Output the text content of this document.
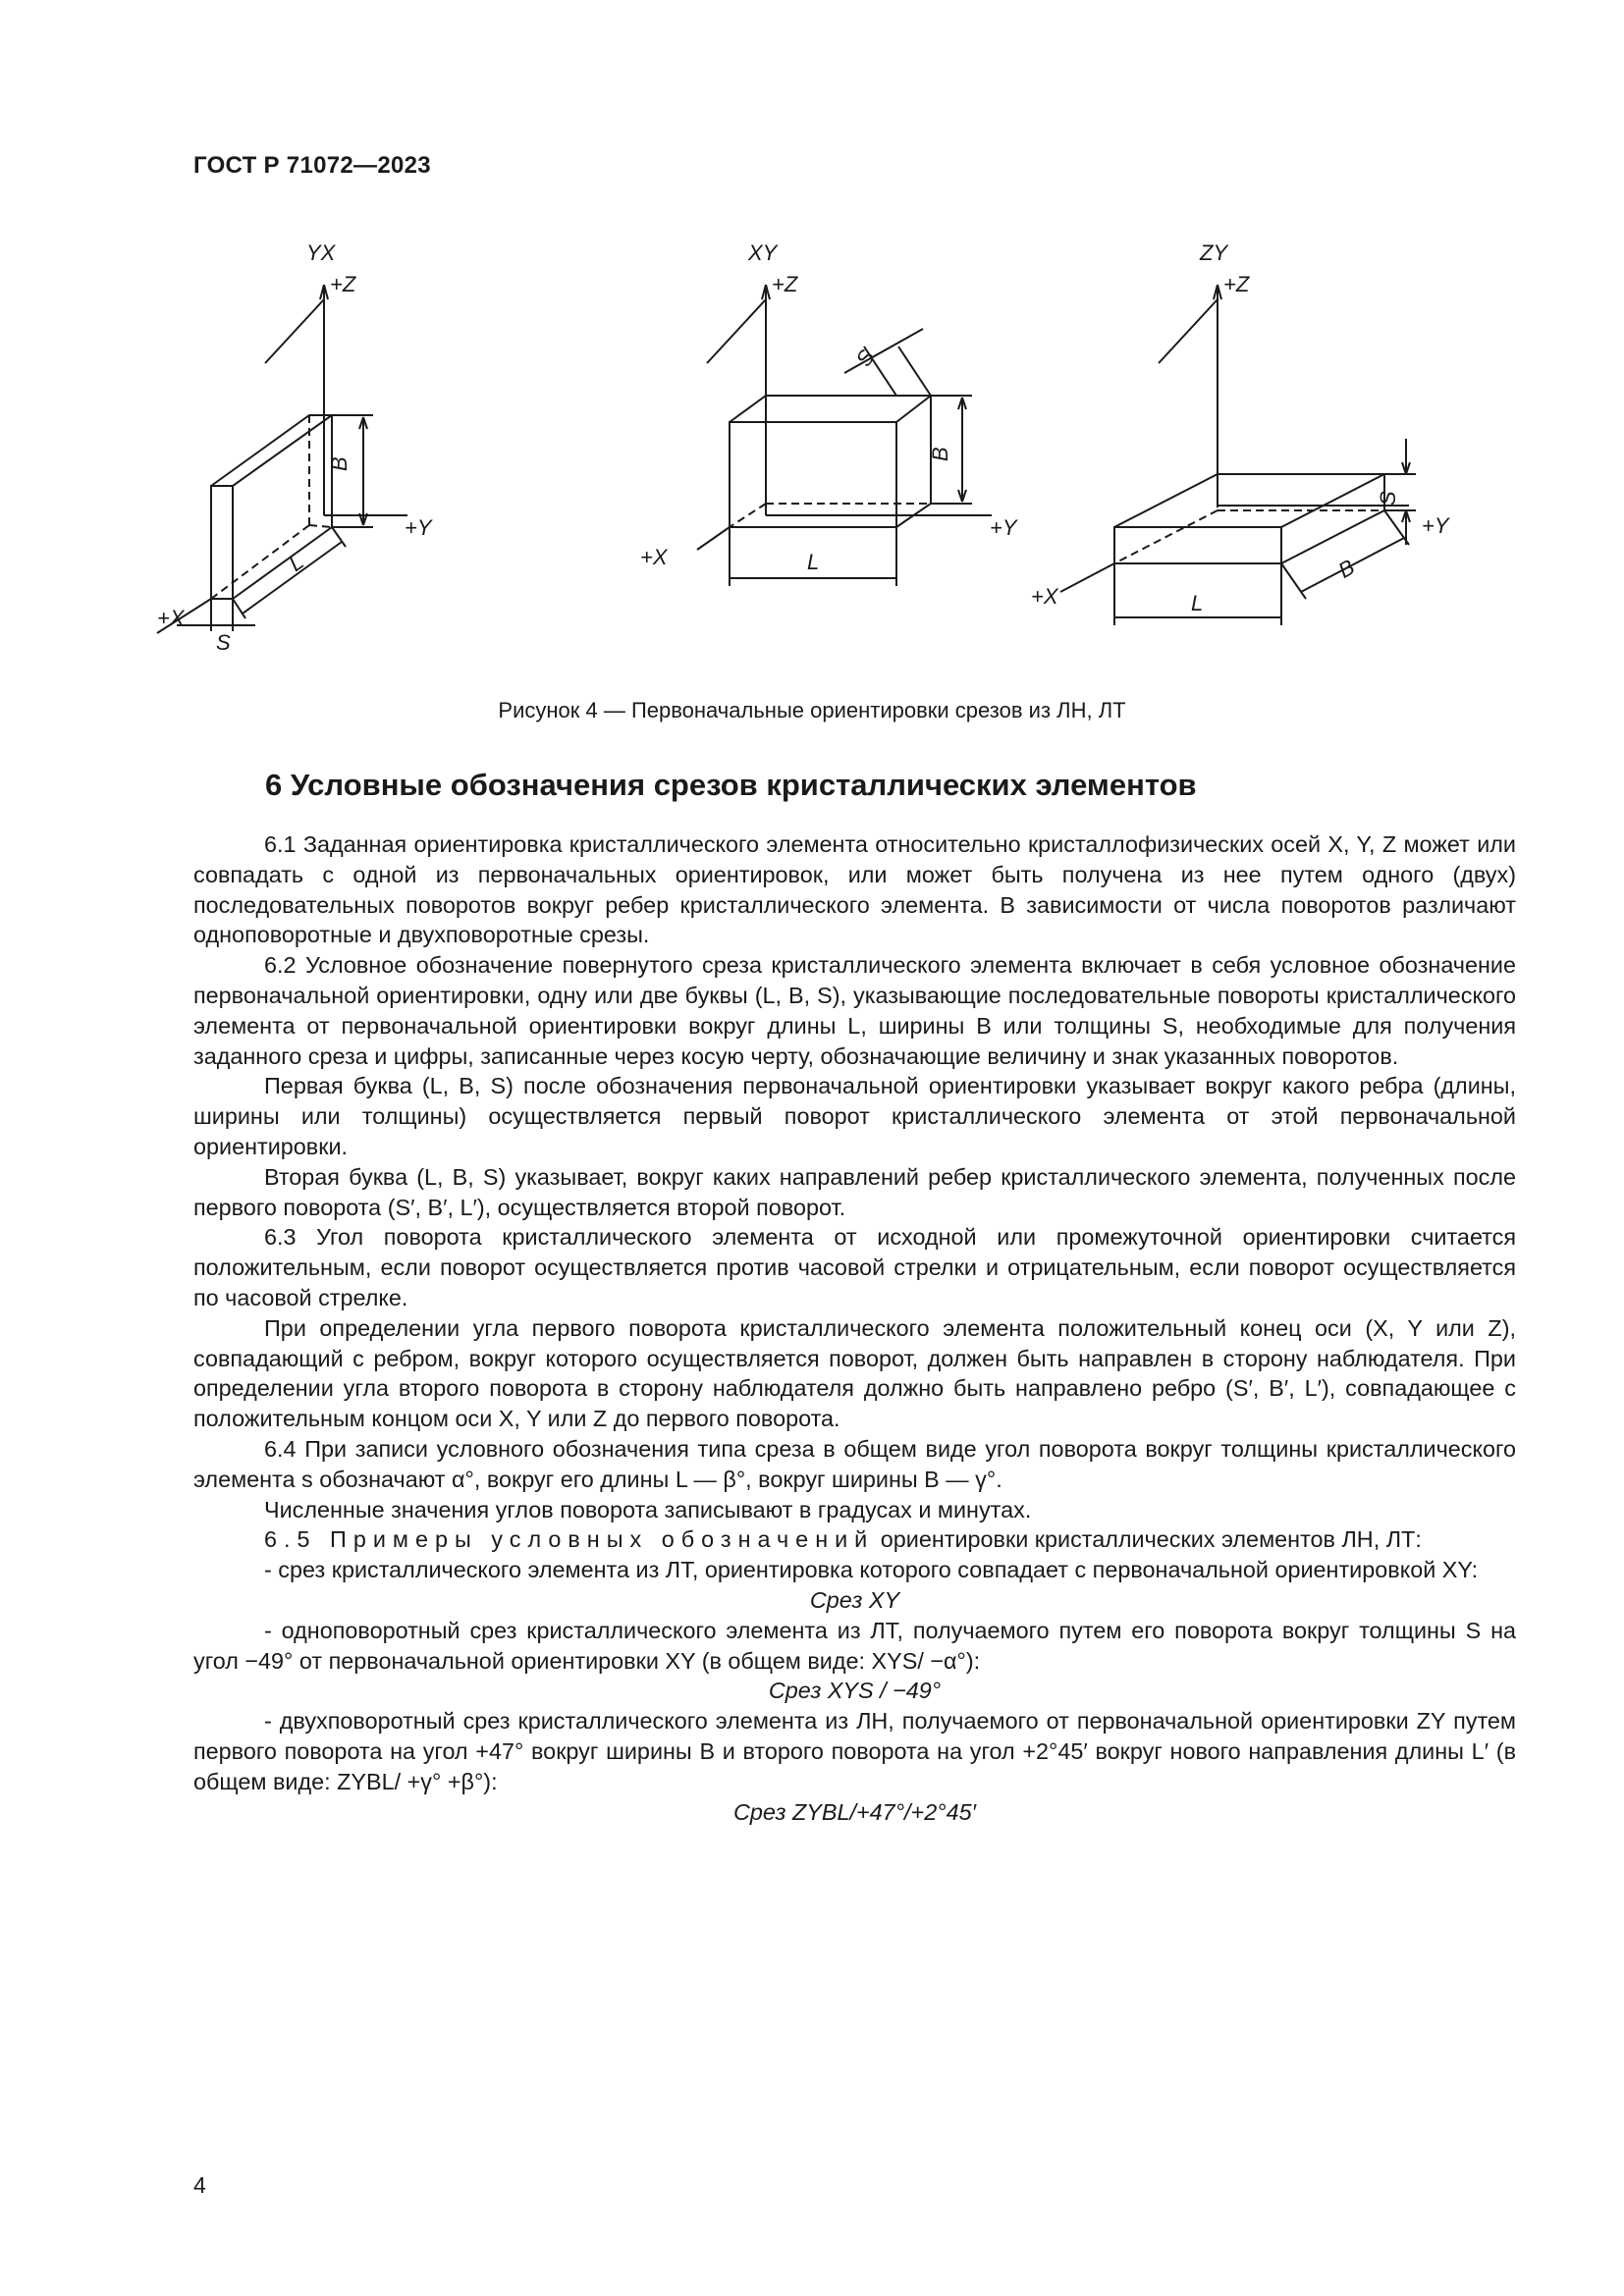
ГОСТ Р 71072—2023
YX
+Z
+Y
+X
B
L
S
XY
+Z
+Y
+X
S
B
L
ZY
+Z
+Y
+X
S
B
L
Рисунок 4 — Первоначальные ориентировки срезов из ЛН, ЛТ
6 Условные обозначения срезов кристаллических элементов

6.1 Заданная ориентировка кристаллического элемента относительно кристаллофизических осей X, Y, Z может или совпадать с одной из первоначальных ориентировок, или может быть получена из нее путем одного (двух) последовательных поворотов вокруг ребер кристаллического элемента. В зависимости от числа поворотов различают одноповоротные и двухповоротные срезы.

6.2 Условное обозначение повернутого среза кристаллического элемента включает в себя условное обозначение первоначальной ориентировки, одну или две буквы (L, B, S), указывающие последовательные повороты кристаллического элемента от первоначальной ориентировки вокруг длины L, ширины B или толщины S, необходимые для получения заданного среза и цифры, записанные через косую черту, обозначающие величину и знак указанных поворотов.

Первая буква (L, B, S) после обозначения первоначальной ориентировки указывает вокруг какого ребра (длины, ширины или толщины) осуществляется первый поворот кристаллического элемента от этой первоначальной ориентировки.

Вторая буква (L, B, S) указывает, вокруг каких направлений ребер кристаллического элемента, полученных после первого поворота (S′, B′, L′), осуществляется второй поворот.

6.3 Угол поворота кристаллического элемента от исходной или промежуточной ориентировки считается положительным, если поворот осуществляется против часовой стрелки и отрицательным, если поворот осуществляется по часовой стрелке.

При определении угла первого поворота кристаллического элемента положительный конец оси (X, Y или Z), совпадающий с ребром, вокруг которого осуществляется поворот, должен быть направлен в сторону наблюдателя. При определении угла второго поворота в сторону наблюдателя должно быть направлено ребро (S′, B′, L′), совпадающее с положительным концом оси X, Y или Z до первого поворота.

6.4 При записи условного обозначения типа среза в общем виде угол поворота вокруг толщины кристаллического элемента s обозначают α°, вокруг его длины L — β°, вокруг ширины B — γ°.

Численные значения углов поворота записывают в градусах и минутах.

6.5 Примеры условных обозначений ориентировки кристаллических элементов ЛН, ЛТ:

- срез кристаллического элемента из ЛТ, ориентировка которого совпадает с первоначальной ориентировкой XY:

Срез XY

- одноповоротный срез кристаллического элемента из ЛТ, получаемого путем его поворота вокруг толщины S на угол −49° от первоначальной ориентировки XY (в общем виде: XYS/ −α°):

Срез XYS / −49°

- двухповоротный срез кристаллического элемента из ЛН, получаемого от первоначальной ориентировки ZY путем первого поворота на угол +47° вокруг ширины B и второго поворота на угол +2°45′ вокруг нового направления длины L′ (в общем виде: ZYBL/ +γ° +β°):

Срез ZYBL/+47°/+2°45′

4
